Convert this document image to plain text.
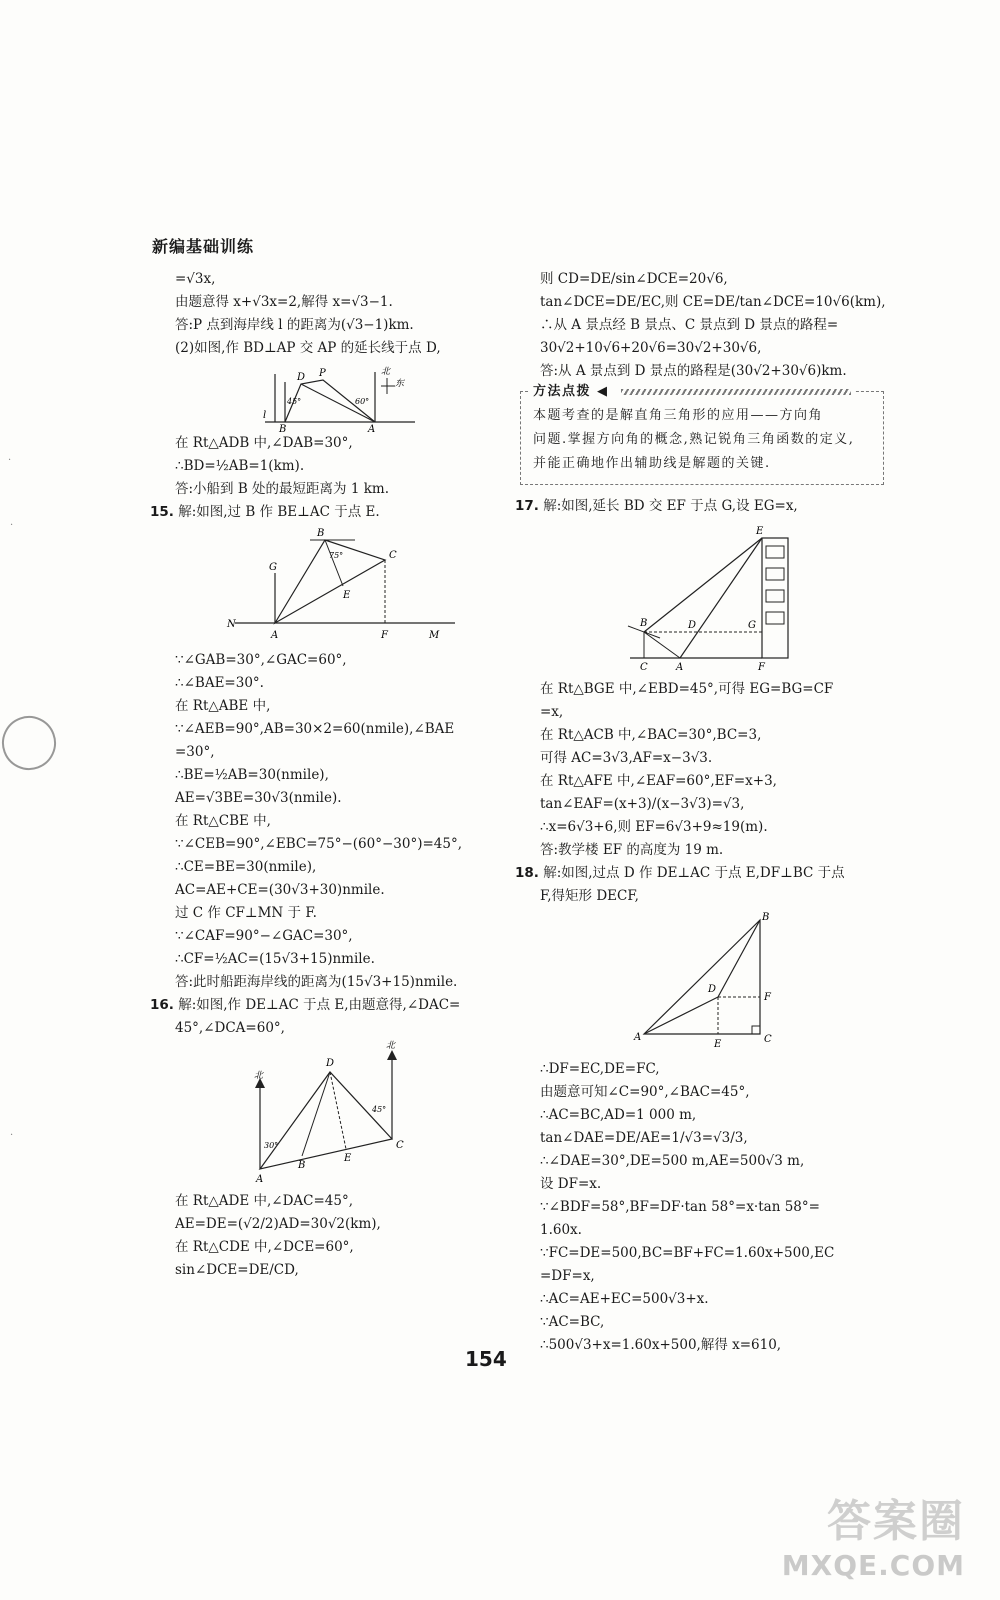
新编基础训练
=√3x,
由题意得 x+√3x=2,解得 x=√3−1.
答:P 点到海岸线 l 的距离为(√3−1)km.
(2)如图,作 BD⊥AP 交 AP 的延长线于点 D,
l
B	A
D P
45°	60°
北
东
在 Rt△ADB 中,∠DAB=30°,
∴BD=½AB=1(km).
答:小船到 B 处的最短距离为 1 km.
15. 解:如图,过 B 作 BE⊥AC 于点 E.
B
C
E
G
N
A	F	M
75°
∵∠GAB=30°,∠GAC=60°,
∴∠BAE=30°.
在 Rt△ABE 中,
∵∠AEB=90°,AB=30×2=60(nmile),∠BAE
=30°,
∴BE=½AB=30(nmile),
AE=√3BE=30√3(nmile).
在 Rt△CBE 中,
∵∠CEB=90°,∠EBC=75°−(60°−30°)=45°,
∴CE=BE=30(nmile),
AC=AE+CE=(30√3+30)nmile.
过 C 作 CF⊥MN 于 F.
∵∠CAF=90°−∠GAC=30°,
∴CF=½AC=(15√3+15)nmile.
答:此时船距海岸线的距离为(15√3+15)nmile.
16. 解:如图,作 DE⊥AC 于点 E,由题意得,∠DAC=
45°,∠DCA=60°,
北
北
D
A
B
E
C
30°
45°
在 Rt△ADE 中,∠DAC=45°,
AE=DE=(√2/2)AD=30√2(km),
在 Rt△CDE 中,∠DCE=60°,
sin∠DCE=DE/CD,
则 CD=DE/sin∠DCE=20√6,
tan∠DCE=DE/EC,则 CE=DE/tan∠DCE=10√6(km),
∴从 A 景点经 B 景点、C 景点到 D 景点的路程=
30√2+10√6+20√6=30√2+30√6,
答:从 A 景点到 D 景点的路程是(30√2+30√6)km.
方法点拨 ◀
本题考查的是解直角三角形的应用——方向角
问题.掌握方向角的概念,熟记锐角三角函数的定义,
并能正确地作出辅助线是解题的关键.
17. 解:如图,延长 BD 交 EF 于点 G,设 EG=x,
E
B	D	G
C	A	F
在 Rt△BGE 中,∠EBD=45°,可得 EG=BG=CF
=x,
在 Rt△ACB 中,∠BAC=30°,BC=3,
可得 AC=3√3,AF=x−3√3.
在 Rt△AFE 中,∠EAF=60°,EF=x+3,
tan∠EAF=(x+3)/(x−3√3)=√3,
∴x=6√3+6,则 EF=6√3+9≈19(m).
答:教学楼 EF 的高度为 19 m.
18. 解:如图,过点 D 作 DE⊥AC 于点 E,DF⊥BC 于点
F,得矩形 DECF,
B
D
F
A
E	C
∴DF=EC,DE=FC,
由题意可知∠C=90°,∠BAC=45°,
∴AC=BC,AD=1 000 m,
tan∠DAE=DE/AE=1/√3=√3/3,
∴∠DAE=30°,DE=500 m,AE=500√3 m,
设 DF=x.
∵∠BDF=58°,BF=DF·tan 58°=x·tan 58°=
1.60x.
∵FC=DE=500,BC=BF+FC=1.60x+500,EC
=DF=x,
∴AC=AE+EC=500√3+x.
∵AC=BC,
∴500√3+x=1.60x+500,解得 x=610,
154
·
·
·
答案圈
MXQE.COM
